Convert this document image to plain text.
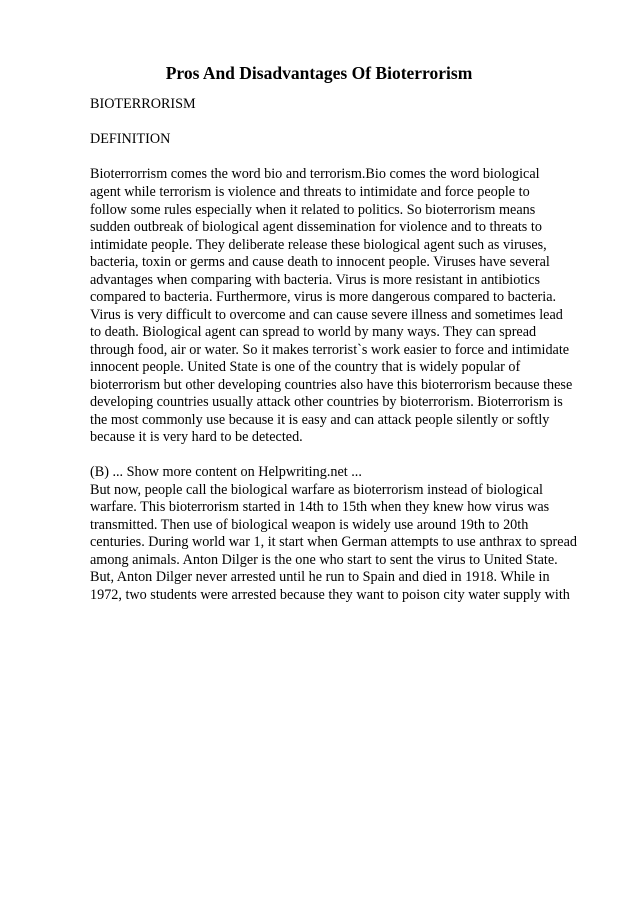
Pros And Disadvantages Of Bioterrorism
BIOTERRORISM
DEFINITION
Bioterrorrism comes the word bio and terrorism.Bio comes the word biological
agent while terrorism is violence and threats to intimidate and force people to
follow some rules especially when it related to politics. So bioterrorism means
sudden outbreak of biological agent dissemination for violence and to threats to
intimidate people. They deliberate release these biological agent such as viruses,
bacteria, toxin or germs and cause death to innocent people. Viruses have several
advantages when comparing with bacteria. Virus is more resistant in antibiotics
compared to bacteria. Furthermore, virus is more dangerous compared to bacteria.
Virus is very difficult to overcome and can cause severe illness and sometimes lead
to death. Biological agent can spread to world by many ways. They can spread
through food, air or water. So it makes terrorist`s work easier to force and intimidate
innocent people. United State is one of the country that is widely popular of
bioterrorism but other developing countries also have this bioterrorism because these
developing countries usually attack other countries by bioterrorism. Bioterrorism is
the most commonly use because it is easy and can attack people silently or softly
because it is very hard to be detected.
(B) ... Show more content on Helpwriting.net ...
But now, people call the biological warfare as bioterrorism instead of biological
warfare. This bioterrorism started in 14th to 15th when they knew how virus was
transmitted. Then use of biological weapon is widely use around 19th to 20th
centuries. During world war 1, it start when German attempts to use anthrax to spread
among animals. Anton Dilger is the one who start to sent the virus to United State.
But, Anton Dilger never arrested until he run to Spain and died in 1918. While in
1972, two students were arrested because they want to poison city water supply with
